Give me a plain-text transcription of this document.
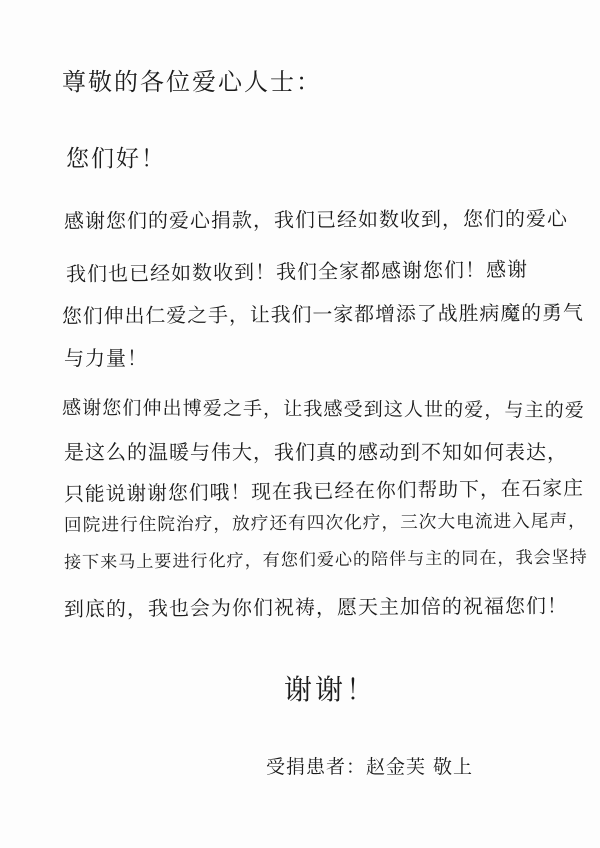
尊敬的各位爱心人士：
您们好！
感谢您们的爱心捐款，我们已经如数收到，您们的爱心
我们也已经如数收到！我们全家都感谢您们！感谢
您们伸出仁爱之手，让我们一家都增添了战胜病魔的勇气
与力量！
感谢您们伸出博爱之手，让我感受到这人世的爱，与主的爱
是这么的温暖与伟大，我们真的感动到不知如何表达，
只能说谢谢您们哦！现在我已经在你们帮助下，在石家庄
回院进行住院治疗，放疗还有四次化疗，三次大电流进入尾声，
接下来马上要进行化疗，有您们爱心的陪伴与主的同在，我会坚持
到底的，我也会为你们祝祷，愿天主加倍的祝福您们！
谢谢！
受捐患者：赵金芙 敬上
